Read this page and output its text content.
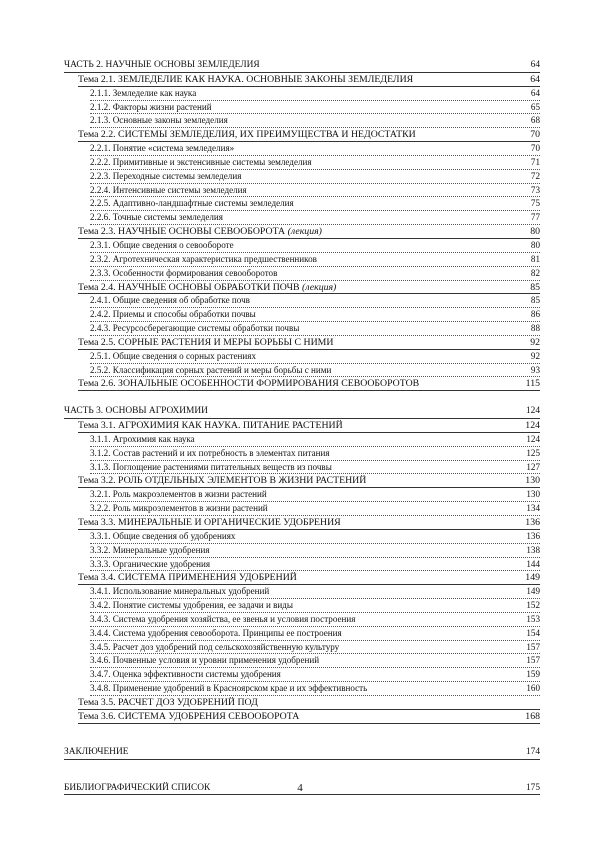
ЧАСТЬ 2. НАУЧНЫЕ ОСНОВЫ ЗЕМЛЕДЕЛИЯ	64
Тема 2.1. ЗЕМЛЕДЕЛИЕ КАК НАУКА. ОСНОВНЫЕ ЗАКОНЫ ЗЕМЛЕДЕЛИЯ	64
2.1.1. Земледелие как наука	64
2.1.2. Факторы жизни растений	65
2.1.3. Основные законы земледелия	68
Тема 2.2. СИСТЕМЫ ЗЕМЛЕДЕЛИЯ, ИХ ПРЕИМУЩЕСТВА И НЕДОСТАТКИ	70
2.2.1. Понятие «система земледелия»	70
2.2.2. Примитивные и экстенсивные системы земледелия	71
2.2.3. Переходные системы земледелия	72
2.2.4. Интенсивные системы земледелия	73
2.2.5. Адаптивно-ландшафтные системы земледелия	75
2.2.6. Точные системы земледелия	77
Тема 2.3. НАУЧНЫЕ ОСНОВЫ СЕВООБОРОТА (лекция)	80
2.3.1. Общие сведения о севообороте	80
2.3.2. Агротехническая характеристика предшественников	81
2.3.3. Особенности формирования севооборотов	82
Тема 2.4. НАУЧНЫЕ ОСНОВЫ ОБРАБОТКИ ПОЧВ (лекция)	85
2.4.1. Общие сведения об обработке почв	85
2.4.2. Приемы и способы обработки почвы	86
2.4.3. Ресурсосберегающие системы обработки почвы	88
Тема 2.5. СОРНЫЕ РАСТЕНИЯ И МЕРЫ БОРЬБЫ С НИМИ	92
2.5.1. Общие сведения о сорных растениях	92
2.5.2. Классификация сорных растений и меры борьбы с ними	93
Тема 2.6. ЗОНАЛЬНЫЕ ОСОБЕННОСТИ ФОРМИРОВАНИЯ СЕВООБОРОТОВ	115
ЧАСТЬ 3. ОСНОВЫ АГРОХИМИИ	124
Тема 3.1. АГРОХИМИЯ КАК НАУКА. ПИТАНИЕ РАСТЕНИЙ	124
3.1.1. Агрохимия как наука	124
3.1.2. Состав растений и их потребность в элементах питания	125
3.1.3. Поглощение растениями питательных веществ из почвы	127
Тема 3.2. РОЛЬ ОТДЕЛЬНЫХ ЭЛЕМЕНТОВ В ЖИЗНИ РАСТЕНИЙ	130
3.2.1. Роль макроэлементов в жизни растений	130
3.2.2. Роль микроэлементов в жизни растений	134
Тема 3.3. МИНЕРАЛЬНЫЕ И ОРГАНИЧЕСКИЕ УДОБРЕНИЯ	136
3.3.1. Общие сведения об удобрениях	136
3.3.2. Минеральные удобрения	138
3.3.3. Органические удобрения	144
Тема 3.4. СИСТЕМА ПРИМЕНЕНИЯ УДОБРЕНИЙ	149
3.4.1. Использование минеральных удобрений	149
3.4.2. Понятие системы удобрения, ее задачи и виды	152
3.4.3. Система удобрения хозяйства, ее звенья и условия построения	153
3.4.4. Система удобрения севооборота. Принципы ее построения	154
3.4.5. Расчет доз удобрений под сельскохозяйственную культуру	157
3.4.6. Почвенные условия и уровни применения удобрений	157
3.4.7. Оценка эффективности системы удобрения	159
3.4.8. Применение удобрений в Красноярском крае и их эффективность	160
Тема 3.5. РАСЧЕТ ДОЗ УДОБРЕНИЙ ПОД
Тема 3.6. СИСТЕМА УДОБРЕНИЯ СЕВООБОРОТА	168
ЗАКЛЮЧЕНИЕ	174
БИБЛИОГРАФИЧЕСКИЙ СПИСОК	175
4
